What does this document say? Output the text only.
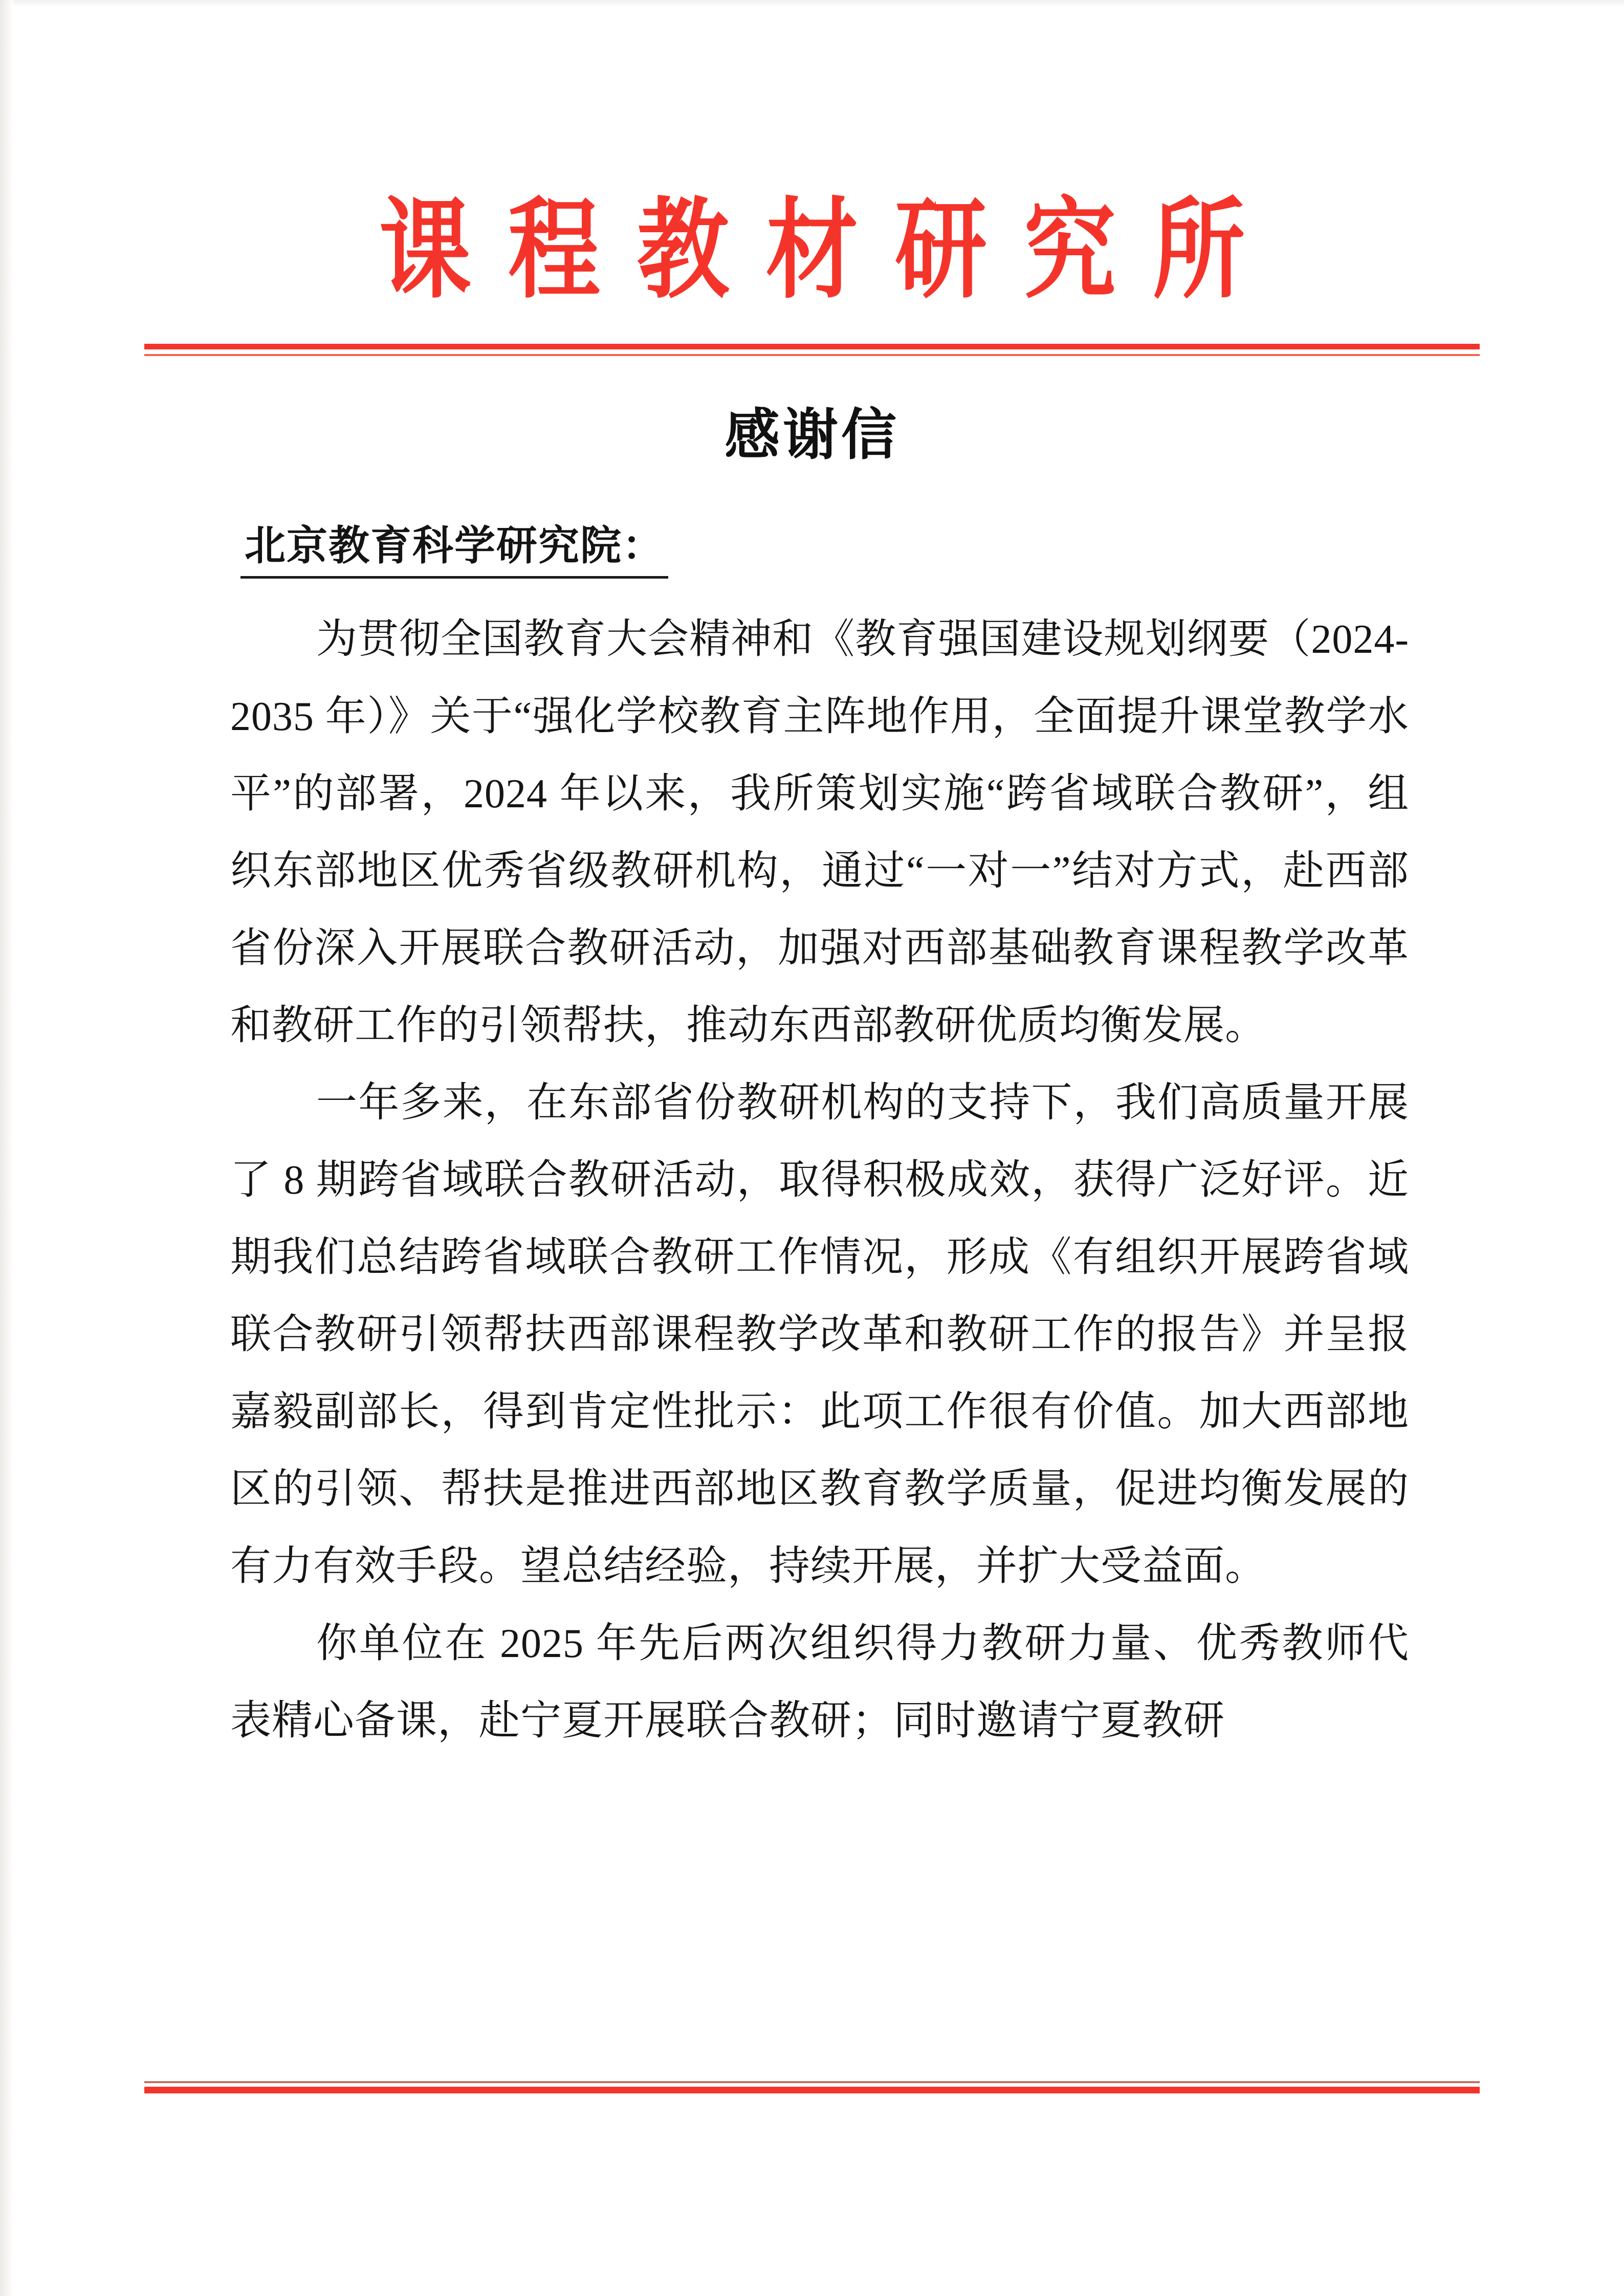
课程教材研究所
感谢信
北京教育科学研究院：

为贯彻全国教育大会精神和《教育强国建设规划纲要（2024-2035 年）》关于“强化学校教育主阵地作用，全面提升课堂教学水平”的部署，2024 年以来，我所策划实施“跨省域联合教研”，组织东部地区优秀省级教研机构，通过“一对一”结对方式，赴西部省份深入开展联合教研活动，加强对西部基础教育课程教学改革和教研工作的引领帮扶，推动东西部教研优质均衡发展。

一年多来，在东部省份教研机构的支持下，我们高质量开展了 8 期跨省域联合教研活动，取得积极成效，获得广泛好评。近期我们总结跨省域联合教研工作情况，形成《有组织开展跨省域联合教研引领帮扶西部课程教学改革和教研工作的报告》并呈报嘉毅副部长，得到肯定性批示：此项工作很有价值。加大西部地区的引领、帮扶是推进西部地区教育教学质量，促进均衡发展的有力有效手段。望总结经验，持续开展，并扩大受益面。

你单位在 2025 年先后两次组织得力教研力量、优秀教师代表精心备课，赴宁夏开展联合教研；同时邀请宁夏教研
